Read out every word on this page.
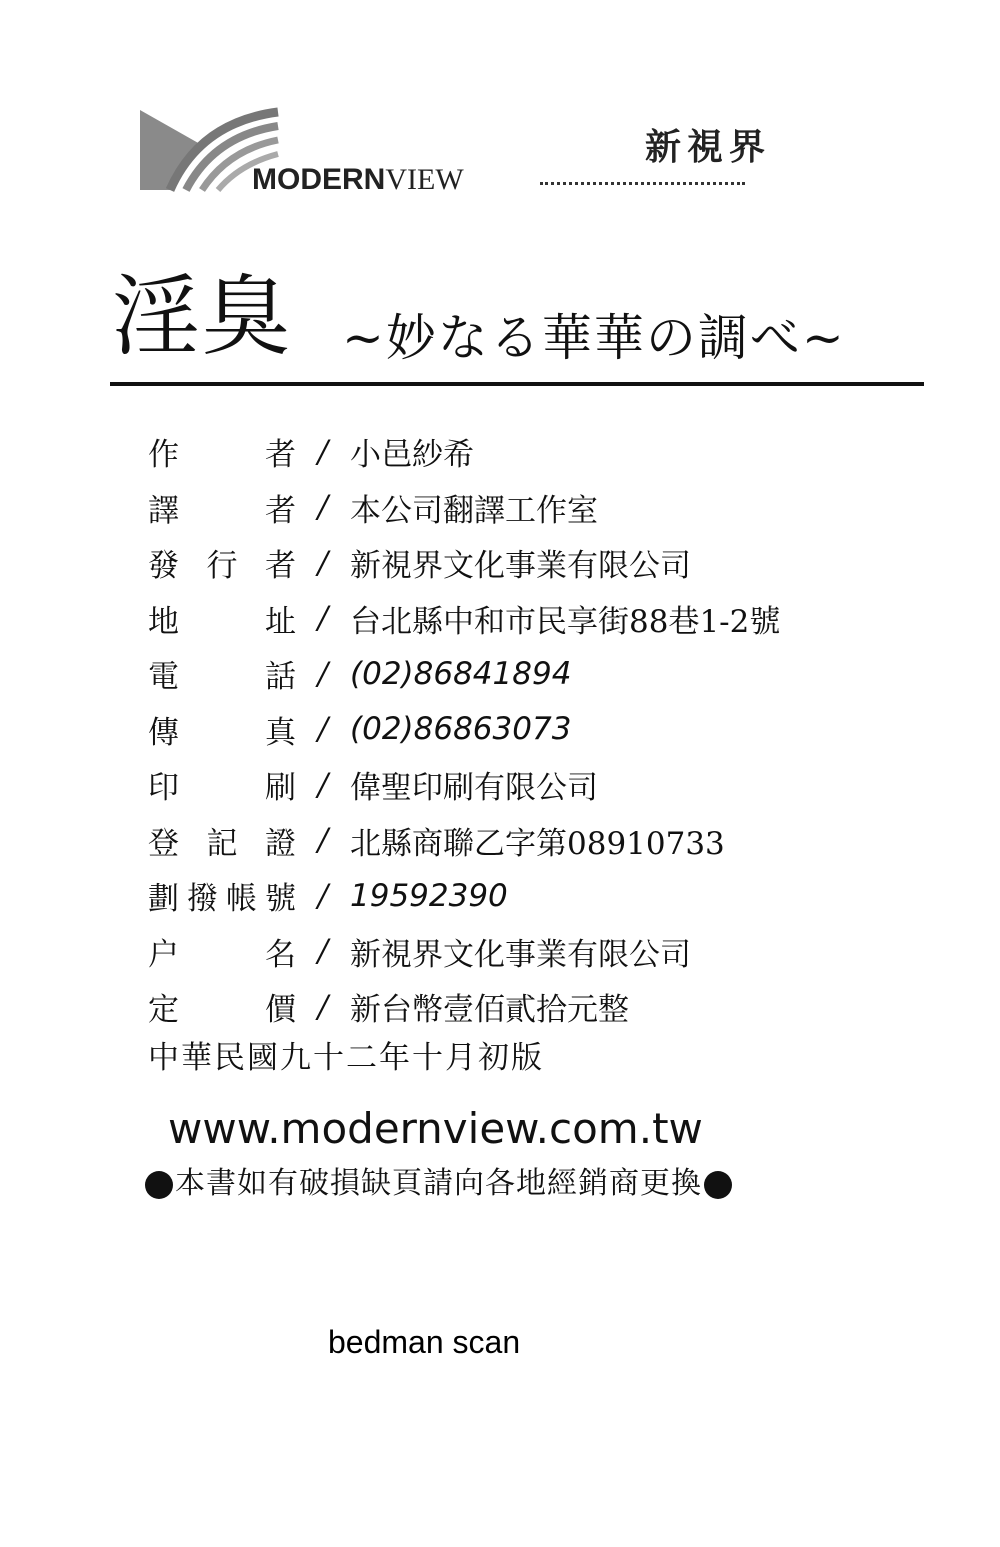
MODERNVIEW
新視界
淫臭 ~妙なる華華の調べ~
作	者 / 小邑紗希
譯	者 / 本公司翻譯工作室
發 行 者 / 新視界文化事業有限公司
地	址 / 台北縣中和市民享街88巷1-2號
電	話 / (02)86841894
傳	真 / (02)86863073
印	刷 / 偉聖印刷有限公司
登 記 證 / 北縣商聯乙字第08910733
劃 撥 帳 號 / 19592390
户	名 / 新視界文化事業有限公司
定	價 / 新台幣壹佰貳拾元整
中華民國九十二年十月初版
www.modernview.com.tw
本書如有破損缺頁請向各地經銷商更換
bedman scan
